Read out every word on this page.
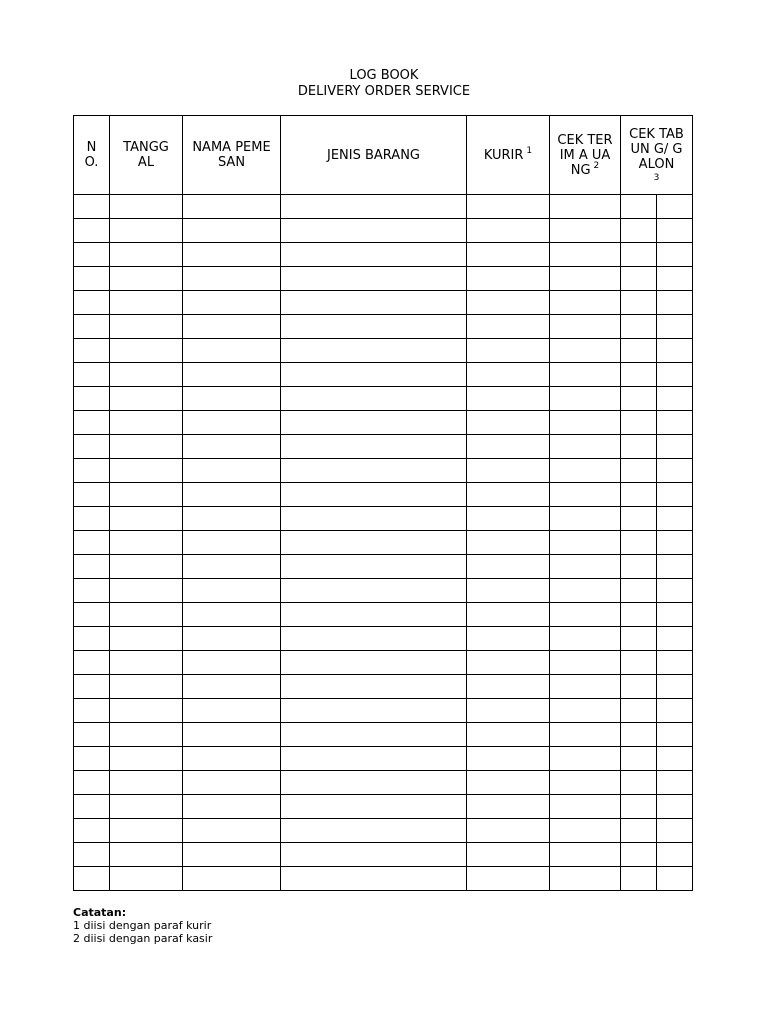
LOG BOOK
DELIVERY ORDER SERVICE
N O.	TANGG AL	NAMA PEMESAN	JENIS BARANG	KURIR $^1$	CEK TERIM A UANG $^2$	CEK TABUN G/ GALON
3	

Catatan:
1 diisi dengan paraf kurir
2 diisi dengan paraf kasir
